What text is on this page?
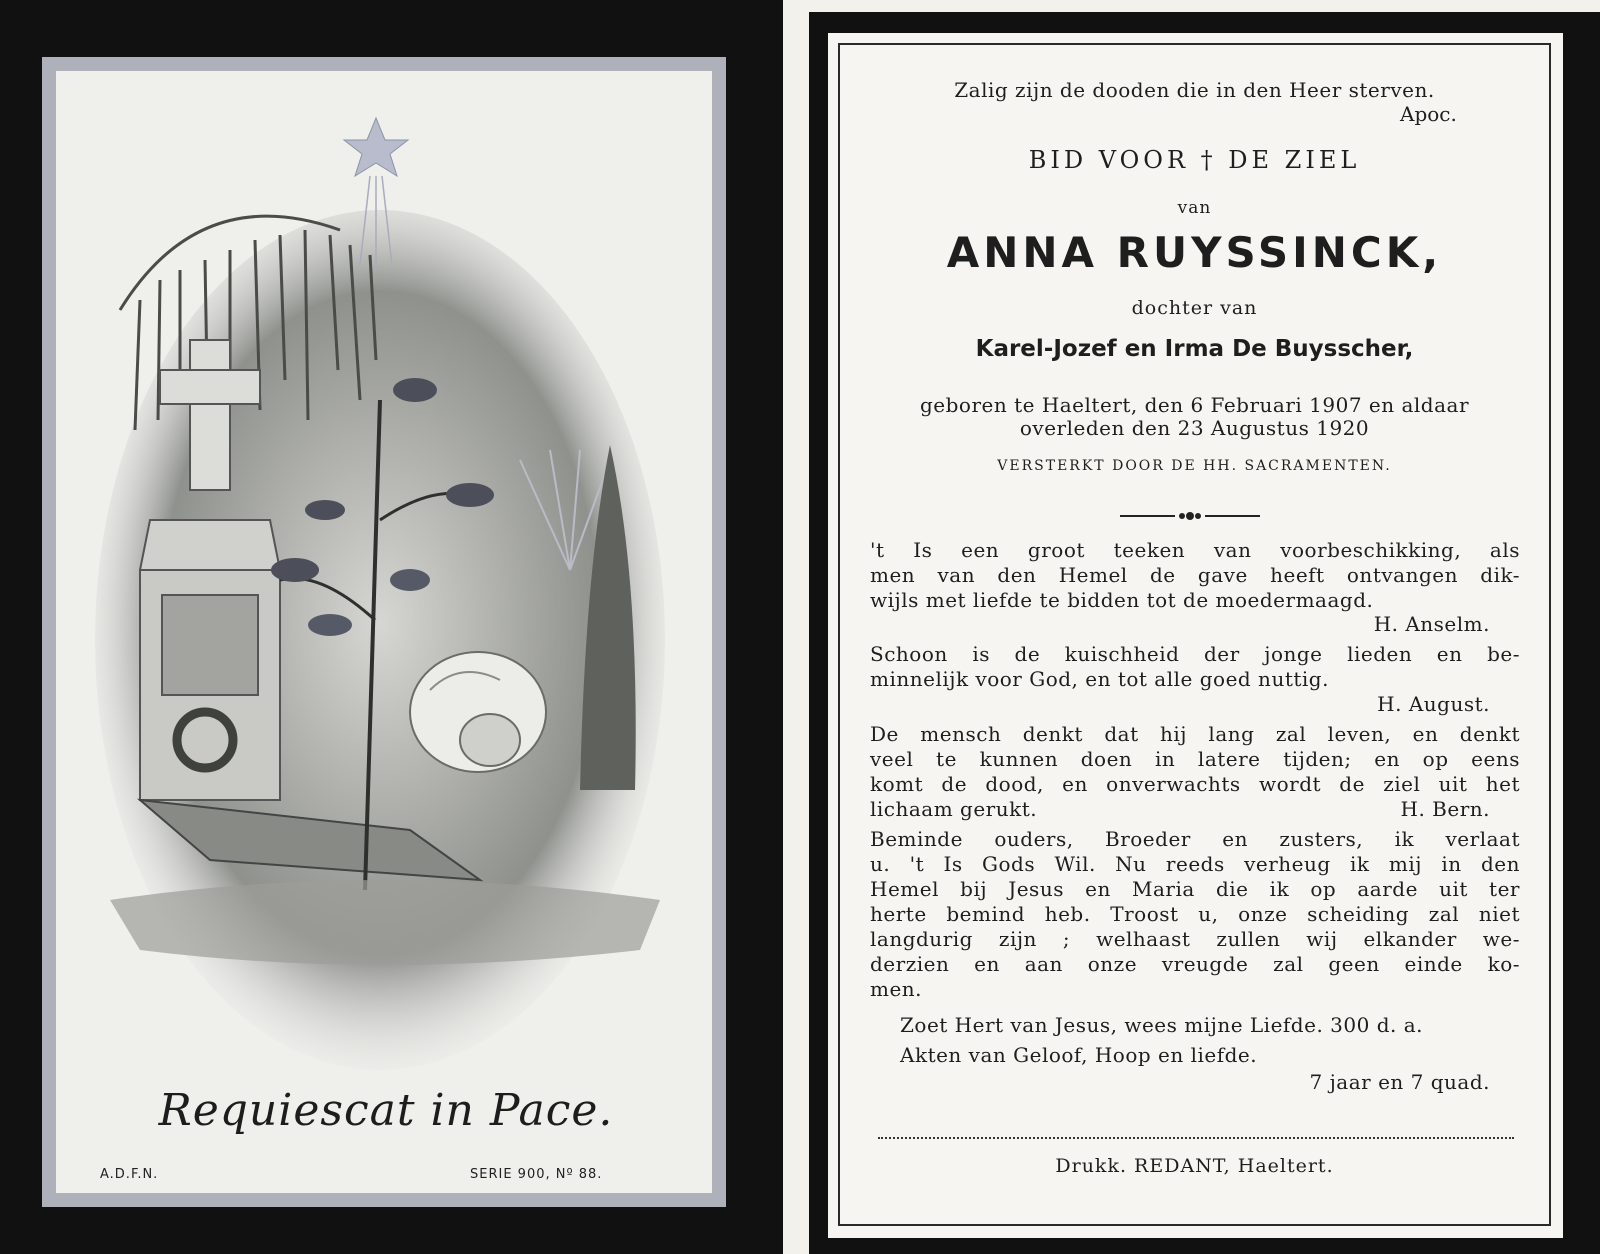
Requiescat in Pace.
A.D.F.N.	SERIE 900, Nº 88.
Zalig zijn de dooden die in den Heer sterven.
Apoc.
BID VOOR † DE ZIEL
van
ANNA RUYSSINCK,
dochter van
Karel-Jozef en Irma De Buysscher,
geboren te Haeltert, den 6 Februari 1907 en aldaar
overleden den 23 Augustus 1920
VERSTERKT DOOR DE HH. SACRAMENTEN.
't Is een groot teeken van voorbeschikking, als
men van den Hemel de gave heeft ontvangen dik-
wijls met liefde te bidden tot de moedermaagd.
H. Anselm.
Schoon is de kuischheid der jonge lieden en be-
minnelijk voor God, en tot alle goed nuttig.
H. August.
De mensch denkt dat hij lang zal leven, en denkt
veel te kunnen doen in latere tijden; en op eens
komt de dood, en onverwachts wordt de ziel uit het
lichaam gerukt.	H. Bern.
Beminde ouders, Broeder en zusters, ik verlaat
u. 't Is Gods Wil. Nu reeds verheug ik mij in den
Hemel bij Jesus en Maria die ik op aarde uit ter
herte bemind heb. Troost u, onze scheiding zal niet
langdurig zijn ; welhaast zullen wij elkander we-
derzien en aan onze vreugde zal geen einde ko-
men.
Zoet Hert van Jesus, wees mijne Liefde. 300 d. a.
Akten van Geloof, Hoop en liefde.
7 jaar en 7 quad.
Drukk. REDANT, Haeltert.
